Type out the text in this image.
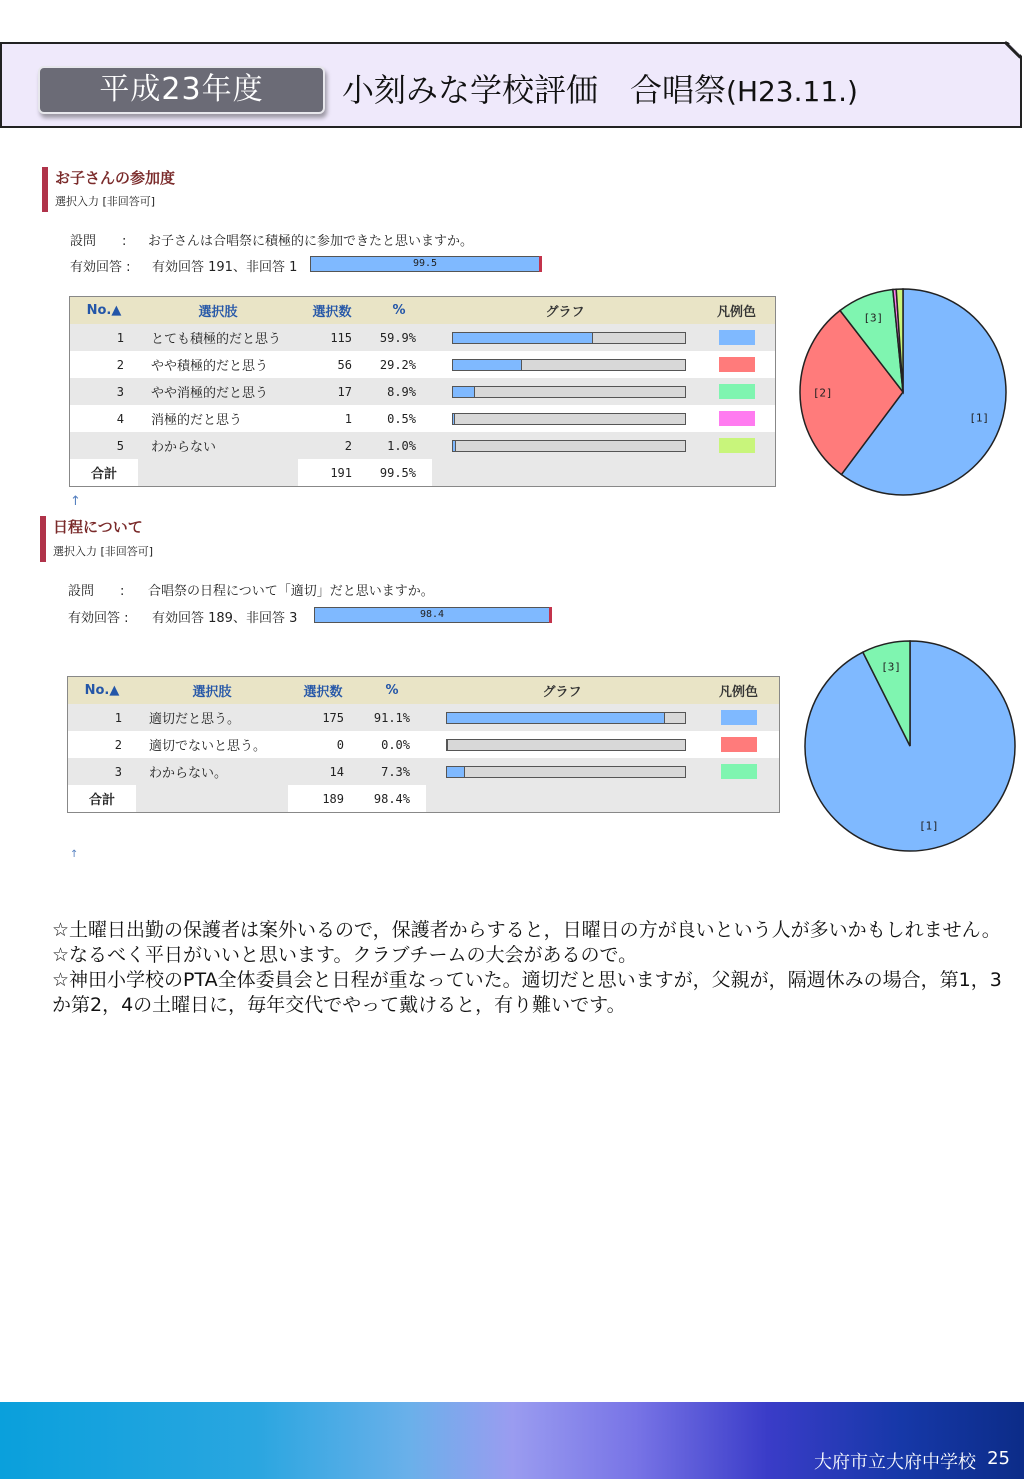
平成23年度	小刻みな学校評価　合唱祭(H23.11.)
お子さんの参加度
選択入力 [非回答可]
設問　　: お子さんは合唱祭に積極的に参加できたと思いますか。
有効回答 : 有効回答 191、非回答 1	99.5
No.▲	選択肢	選択数	%	グラフ	凡例色
1	とても積極的だと思う	115	59.9%	

2	やや積極的だと思う	56	29.2%	

3	やや消極的だと思う	17	8.9%	

4	消極的だと思う	1	0.5%	

5	わからない	2	1.0%	

合計		191	99.5%		
[1]
[2]
[3]
↑
日程について
選択入力 [非回答可]
設問　　: 合唱祭の日程について「適切」だと思いますか。
有効回答 : 有効回答 189、非回答 3	98.4
No.▲	選択肢	選択数	%	グラフ	凡例色
1	適切だと思う。	175	91.1%	

2	適切でないと思う。	0	0.0%	

3	わからない。	14	7.3%	

合計		189	98.4%		
[1]
[3]
↑
☆土曜日出勤の保護者は案外いるので，保護者からすると，日曜日の方が良いという人が多いかもしれません。
☆なるべく平日がいいと思います。クラブチームの大会があるので。
☆神田小学校のPTA全体委員会と日程が重なっていた。適切だと思いますが，父親が，隔週休みの場合，第1，3か第2，4の土曜日に，毎年交代でやって戴けると，有り難いです。
大府市立大府中学校 25
